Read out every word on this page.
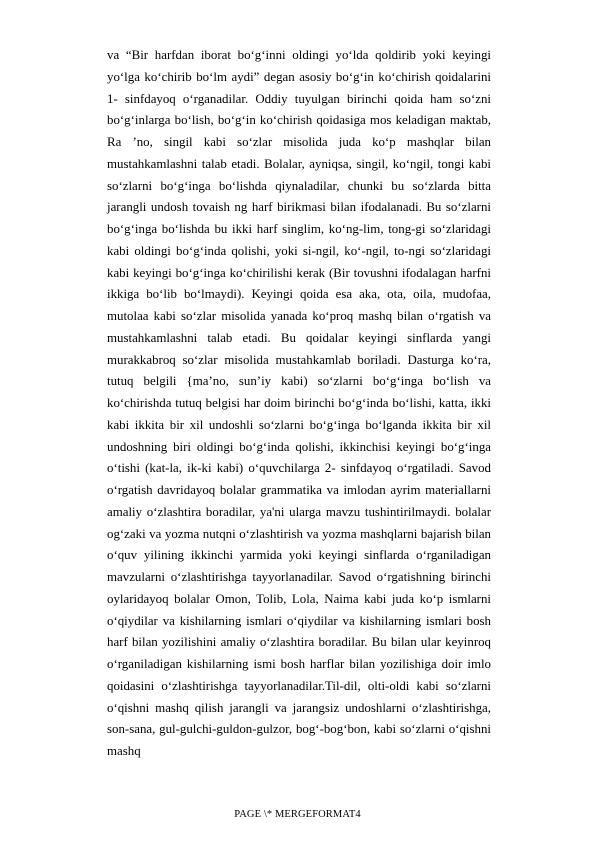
va “Bir harfdan iborat bo‘g‘inni oldingi yo‘lda qoldirib yoki keyingi yo‘lga ko‘chirib bo‘lm aydi” degan asosiy bo‘g‘in ko‘chirish qoidalarini 1- sinfdayoq o‘rganadilar. Oddiy tuyulgan birinchi qoida ham so‘zni bo‘g‘inlarga bo‘lish, bo‘g‘in ko‘chirish qoidasiga mos keladigan maktab, Ra ’no, singil kabi so‘zlar misolida juda ko‘p mashqlar bilan mustahkamlashni talab etadi. Bolalar, ayniqsa, singil, ko‘ngil, tongi kabi so‘zlarni bo‘g‘inga bo‘lishda qiynaladilar, chunki bu so‘zlarda bitta jarangli undosh tovaish ng harf birikmasi bilan ifodalanadi. Bu so‘zlarni bo‘g‘inga bo‘lishda bu ikki harf singlim, ko‘ng-lim, tong-gi so‘zlaridagi kabi oldingi bo‘g‘inda qolishi, yoki si-ngil, ko‘-ngil, to-ngi so‘zlaridagi kabi keyingi bo‘g‘inga ko‘chirilishi kerak (Bir tovushni ifodalagan harfni ikkiga bo‘lib bo‘lmaydi). Keyingi qoida esa aka, ota, oila, mudofaa, mutolaa kabi so‘zlar misolida yanada ko‘proq mashq bilan o‘rgatish va mustahkamlashni talab etadi. Bu qoidalar keyingi sinflarda yangi murakkabroq so‘zlar misolida mustahkamlab boriladi. Dasturga ko‘ra, tutuq belgili {ma’no, sun’iy kabi) so‘zlarni bo‘g‘inga bo‘lish va ko‘chirishda tutuq belgisi har doim birinchi bo‘g‘inda bo‘lishi, katta, ikki kabi ikkita bir xil undoshli so‘zlarni bo‘g‘inga bo‘lganda ikkita bir xil undoshning biri oldingi bo‘g‘inda qolishi, ikkinchisi keyingi bo‘g‘inga o‘tishi (kat-la, ik-ki kabi) o‘quvchilarga 2- sinfdayoq o‘rgatiladi. Savod o‘rgatish davridayoq bolalar grammatika va imlodan ayrim materiallarni amaliy o‘zlashtira boradilar, ya'ni ularga mavzu tushintirilmaydi. bolalar og‘zaki va yozma nutqni o‘zlashtirish va yozma mashqlarni bajarish bilan o‘quv yilining ikkinchi yarmida yoki keyingi sinflarda o‘rganiladigan mavzularni o‘zlashtirishga tayyorlanadilar. Savod o‘rgatishning birinchi oylaridayoq bolalar Omon, Tolib, Lola, Naima kabi juda ko‘p ismlarni o‘qiydilar va kishilarning ismlari o‘qiydilar va kishilarning ismlari bosh harf bilan yozilishini amaliy o‘zlashtira boradilar. Bu bilan ular keyinroq o‘rganiladigan kishilarning ismi bosh harflar bilan yozilishiga doir imlo qoidasini o‘zlashtirishga tayyorlanadilar.Til-dil, olti-oldi kabi so‘zlarni o‘qishni mashq qilish jarangli va jarangsiz undoshlarni o‘zlashtirishga, son-sana, gul-gulchi-guldon-gulzor, bog‘-bog‘bon, kabi so‘zlarni o‘qishni mashq

PAGE \* MERGEFORMAT4
